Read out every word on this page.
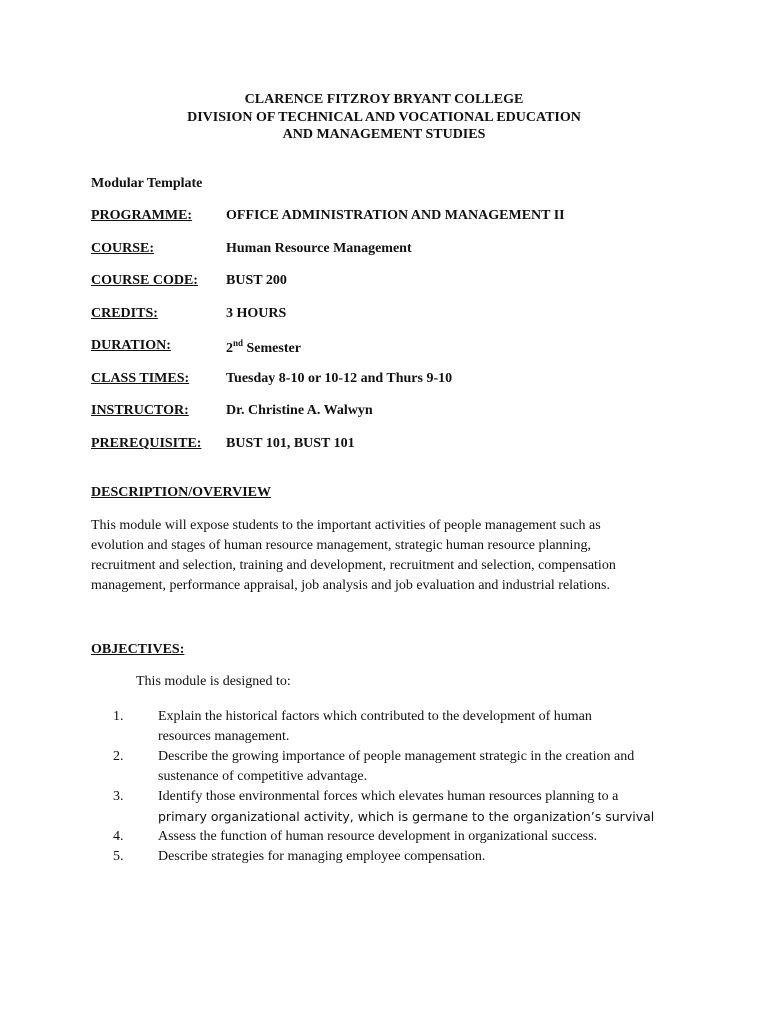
CLARENCE FITZROY BRYANT COLLEGE
DIVISION OF TECHNICAL AND VOCATIONAL EDUCATION
AND MANAGEMENT STUDIES
Modular Template
PROGRAMME: OFFICE ADMINISTRATION AND MANAGEMENT II
COURSE:	Human Resource Management
COURSE CODE: BUST 200
CREDITS:	3 HOURS
DURATION:	2nd Semester
CLASS TIMES:	Tuesday 8-10 or 10-12 and Thurs 9-10
INSTRUCTOR:	Dr. Christine A. Walwyn
PREREQUISITE: BUST 101, BUST 101
DESCRIPTION/OVERVIEW
This module will expose students to the important activities of people management such as
evolution and stages of human resource management, strategic human resource planning,
recruitment and selection, training and development, recruitment and selection, compensation
management, performance appraisal, job analysis and job evaluation and industrial relations.
OBJECTIVES:
This module is designed to:
1. Explain the historical factors which contributed to the development of human
resources management.
2. Describe the growing importance of people management strategic in the creation and
sustenance of competitive advantage.
3. Identify those environmental forces which elevates human resources planning to a
primary organizational activity, which is germane to the organization’s survival
4. Assess the function of human resource development in organizational success.
5. Describe strategies for managing employee compensation.
